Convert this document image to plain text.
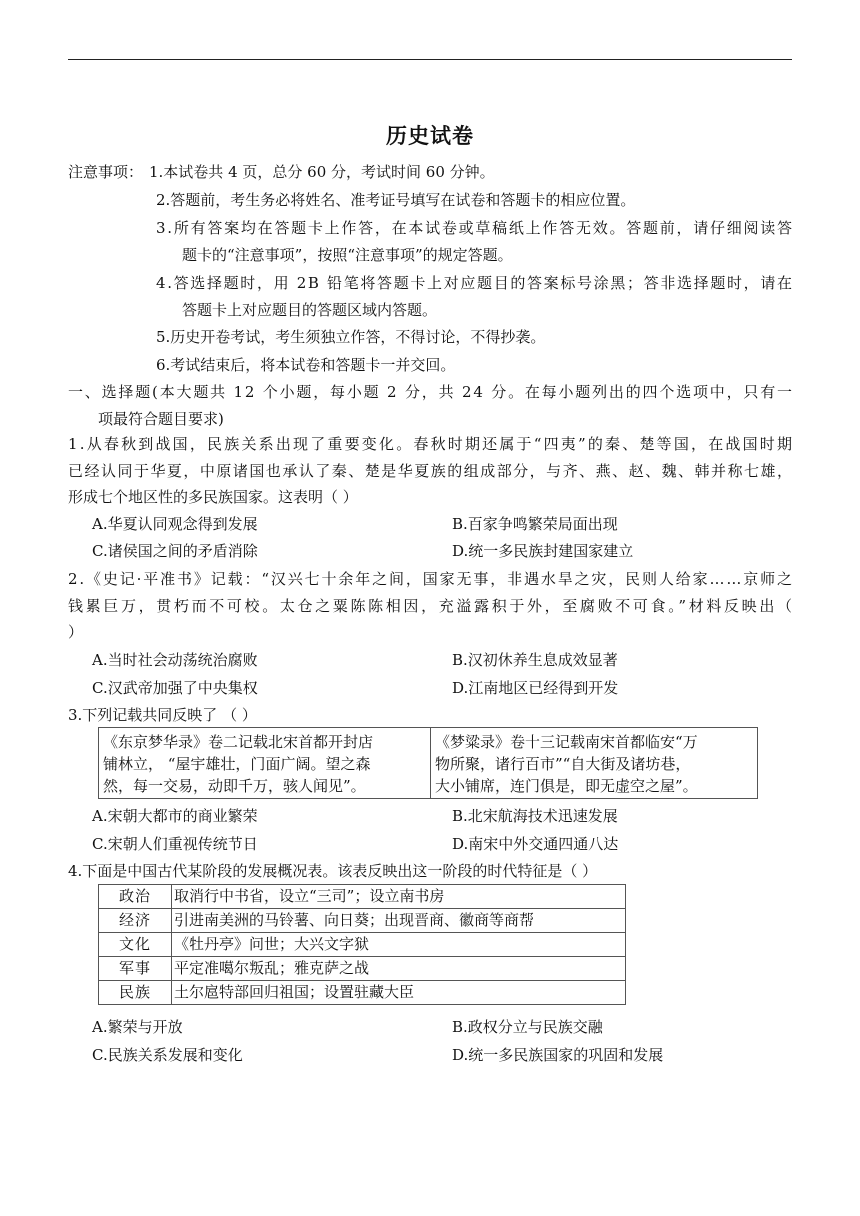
历史试卷
注意事项： 1.本试卷共 4 页，总分 60 分，考试时间 60 分钟。
2.答题前，考生务必将姓名、准考证号填写在试卷和答题卡的相应位置。
3.所有答案均在答题卡上作答，在本试卷或草稿纸上作答无效。答题前，请仔细阅读答
题卡的“注意事项”，按照“注意事项”的规定答题。
4.答选择题时，用 2B 铅笔将答题卡上对应题目的答案标号涂黑；答非选择题时，请在
答题卡上对应题目的答题区域内答题。
5.历史开卷考试，考生须独立作答，不得讨论，不得抄袭。
6.考试结束后，将本试卷和答题卡一并交回。
一、选择题(本大题共 12 个小题，每小题 2 分，共 24 分。在每小题列出的四个选项中，只有一
项最符合题目要求)
1.从春秋到战国，民族关系出现了重要变化。春秋时期还属于“四夷”的秦、楚等国，在战国时期
已经认同于华夏，中原诸国也承认了秦、楚是华夏族的组成部分，与齐、燕、赵、魏、韩并称七雄，
形成七个地区性的多民族国家。这表明（ ）
A.华夏认同观念得到发展	B.百家争鸣繁荣局面出现
C.诸侯国之间的矛盾消除	D.统一多民族封建国家建立
2.《史记·平准书》记载：“汉兴七十余年之间，国家无事，非遇水旱之灾，民则人给家……京师之
钱累巨万，贯朽而不可校。太仓之粟陈陈相因，充溢露积于外，至腐败不可食。”材料反映出（
）
A.当时社会动荡统治腐败	B.汉初休养生息成效显著
C.汉武帝加强了中央集权	D.江南地区已经得到开发
3.下列记载共同反映了 （ ）
《东京梦华录》卷二记载北宋首都开封店
铺林立， “屋宇雄壮，门面广阔。望之森
然，每一交易，动即千万，骇人闻见”。
《梦粱录》卷十三记载南宋首都临安“万
物所聚，诸行百市”“自大街及诸坊巷，
大小铺席，连门俱是，即无虚空之屋”。
A.宋朝大都市的商业繁荣	B.北宋航海技术迅速发展
C.宋朝人们重视传统节日	D.南宋中外交通四通八达
4.下面是中国古代某阶段的发展概况表。该表反映出这一阶段的时代特征是（ ）
政治	取消行中书省，设立“三司”；设立南书房
经济	引进南美洲的马铃薯、向日葵；出现晋商、徽商等商帮
文化	《牡丹亭》问世；大兴文字狱
军事	平定准噶尔叛乱；雅克萨之战
民族	土尔扈特部回归祖国；设置驻藏大臣
A.繁荣与开放	B.政权分立与民族交融
C.民族关系发展和变化	D.统一多民族国家的巩固和发展
